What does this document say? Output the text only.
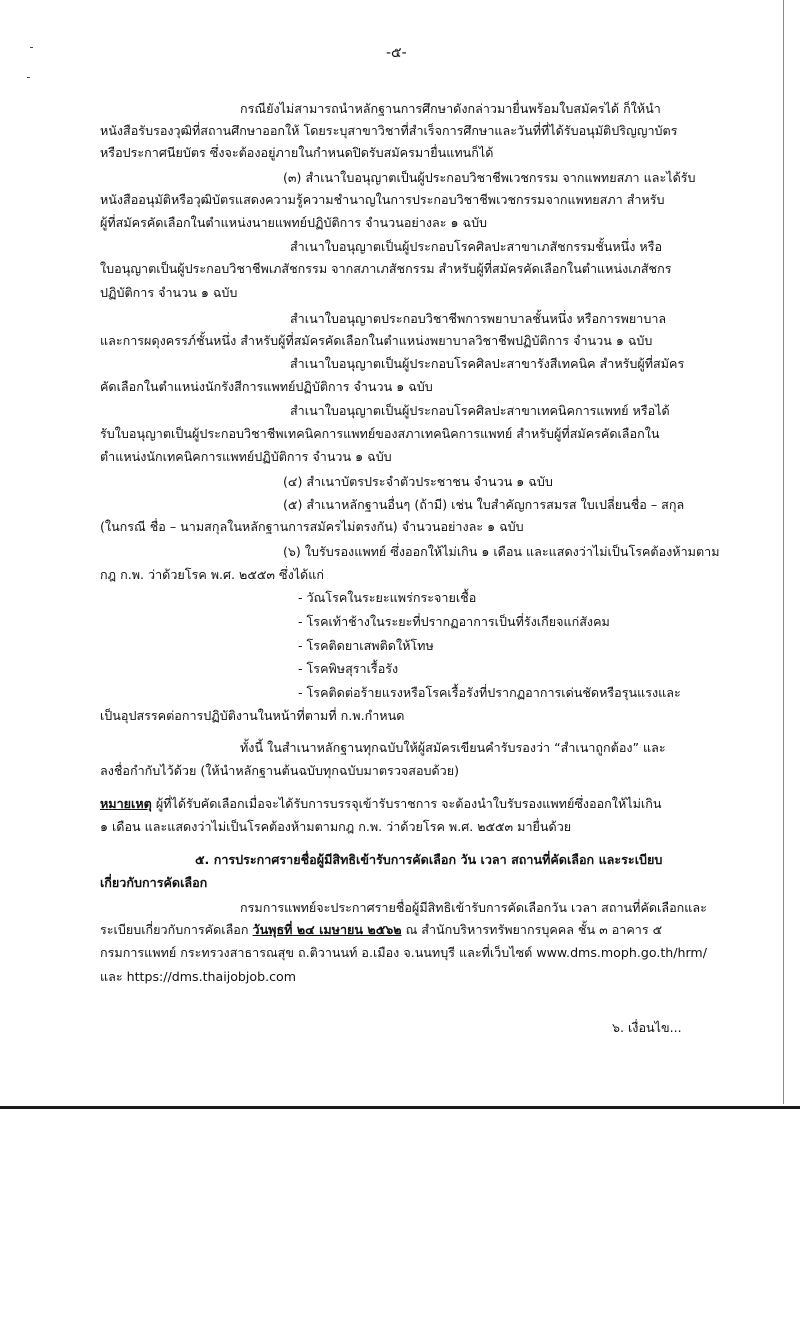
-๕-

กรณียังไม่สามารถนำหลักฐานการศึกษาดังกล่าวมายื่นพร้อมใบสมัครได้ ก็ให้นำ

หนังสือรับรองวุฒิที่สถานศึกษาออกให้ โดยระบุสาขาวิชาที่สำเร็จการศึกษาและวันที่ที่ได้รับอนุมัติปริญญาบัตร

หรือประกาศนียบัตร ซึ่งจะต้องอยู่ภายในกำหนดปิดรับสมัครมายื่นแทนก็ได้

(๓) สำเนาใบอนุญาตเป็นผู้ประกอบวิชาชีพเวชกรรม จากแพทยสภา และได้รับ

หนังสืออนุมัติหรือวุฒิบัตรแสดงความรู้ความชำนาญในการประกอบวิชาชีพเวชกรรมจากแพทยสภา สำหรับ

ผู้ที่สมัครคัดเลือกในตำแหน่งนายแพทย์ปฏิบัติการ จำนวนอย่างละ ๑ ฉบับ

สำเนาใบอนุญาตเป็นผู้ประกอบโรคศิลปะสาขาเภสัชกรรมชั้นหนึ่ง หรือ

ใบอนุญาตเป็นผู้ประกอบวิชาชีพเภสัชกรรม จากสภาเภสัชกรรม สำหรับผู้ที่สมัครคัดเลือกในตำแหน่งเภสัชกร

ปฏิบัติการ จำนวน ๑ ฉบับ

สำเนาใบอนุญาตประกอบวิชาชีพการพยาบาลชั้นหนึ่ง หรือการพยาบาล

และการผดุงครรภ์ชั้นหนึ่ง สำหรับผู้ที่สมัครคัดเลือกในตำแหน่งพยาบาลวิชาชีพปฏิบัติการ จำนวน ๑ ฉบับ

สำเนาใบอนุญาตเป็นผู้ประกอบโรคศิลปะสาขารังสีเทคนิค สำหรับผู้ที่สมัคร

คัดเลือกในตำแหน่งนักรังสีการแพทย์ปฏิบัติการ จำนวน ๑ ฉบับ

สำเนาใบอนุญาตเป็นผู้ประกอบโรคศิลปะสาขาเทคนิคการแพทย์ หรือได้

รับใบอนุญาตเป็นผู้ประกอบวิชาชีพเทคนิคการแพทย์ของสภาเทคนิคการแพทย์ สำหรับผู้ที่สมัครคัดเลือกใน

ตำแหน่งนักเทคนิคการแพทย์ปฏิบัติการ จำนวน ๑ ฉบับ

(๔) สำเนาบัตรประจำตัวประชาชน จำนวน ๑ ฉบับ

(๕) สำเนาหลักฐานอื่นๆ (ถ้ามี) เช่น ใบสำคัญการสมรส ใบเปลี่ยนชื่อ – สกุล

(ในกรณี ชื่อ – นามสกุลในหลักฐานการสมัครไม่ตรงกัน) จำนวนอย่างละ ๑ ฉบับ

(๖) ใบรับรองแพทย์ ซึ่งออกให้ไม่เกิน ๑ เดือน และแสดงว่าไม่เป็นโรคต้องห้ามตาม

กฎ ก.พ. ว่าด้วยโรค พ.ศ. ๒๕๕๓ ซึ่งได้แก่

- วัณโรคในระยะแพร่กระจายเชื้อ

- โรคเท้าช้างในระยะที่ปรากฏอาการเป็นที่รังเกียจแก่สังคม

- โรคติดยาเสพติดให้โทษ

- โรคพิษสุราเรื้อรัง

- โรคติดต่อร้ายแรงหรือโรคเรื้อรังที่ปรากฏอาการเด่นชัดหรือรุนแรงและ

เป็นอุปสรรคต่อการปฏิบัติงานในหน้าที่ตามที่ ก.พ.กำหนด

ทั้งนี้ ในสำเนาหลักฐานทุกฉบับให้ผู้สมัครเขียนคำรับรองว่า “สำเนาถูกต้อง” และ

ลงชื่อกำกับไว้ด้วย (ให้นำหลักฐานต้นฉบับทุกฉบับมาตรวจสอบด้วย)

หมายเหตุ ผู้ที่ได้รับคัดเลือกเมื่อจะได้รับการบรรจุเข้ารับราชการ จะต้องนำใบรับรองแพทย์ซึ่งออกให้ไม่เกิน

๑ เดือน และแสดงว่าไม่เป็นโรคต้องห้ามตามกฎ ก.พ. ว่าด้วยโรค พ.ศ. ๒๕๕๓ มายื่นด้วย

๕. การประกาศรายชื่อผู้มีสิทธิเข้ารับการคัดเลือก วัน เวลา สถานที่คัดเลือก และระเบียบ

เกี่ยวกับการคัดเลือก

กรมการแพทย์จะประกาศรายชื่อผู้มีสิทธิเข้ารับการคัดเลือกวัน เวลา สถานที่คัดเลือกและ

ระเบียบเกี่ยวกับการคัดเลือก วันพุธที่ ๒๔ เมษายน ๒๕๖๒ ณ สำนักบริหารทรัพยากรบุคคล ชั้น ๓ อาคาร ๕

กรมการแพทย์ กระทรวงสาธารณสุข ถ.ติวานนท์ อ.เมือง จ.นนทบุรี และที่เว็บไซต์ www.dms.moph.go.th/hrm/

และ https://dms.thaijobjob.com

๖. เงื่อนไข...
